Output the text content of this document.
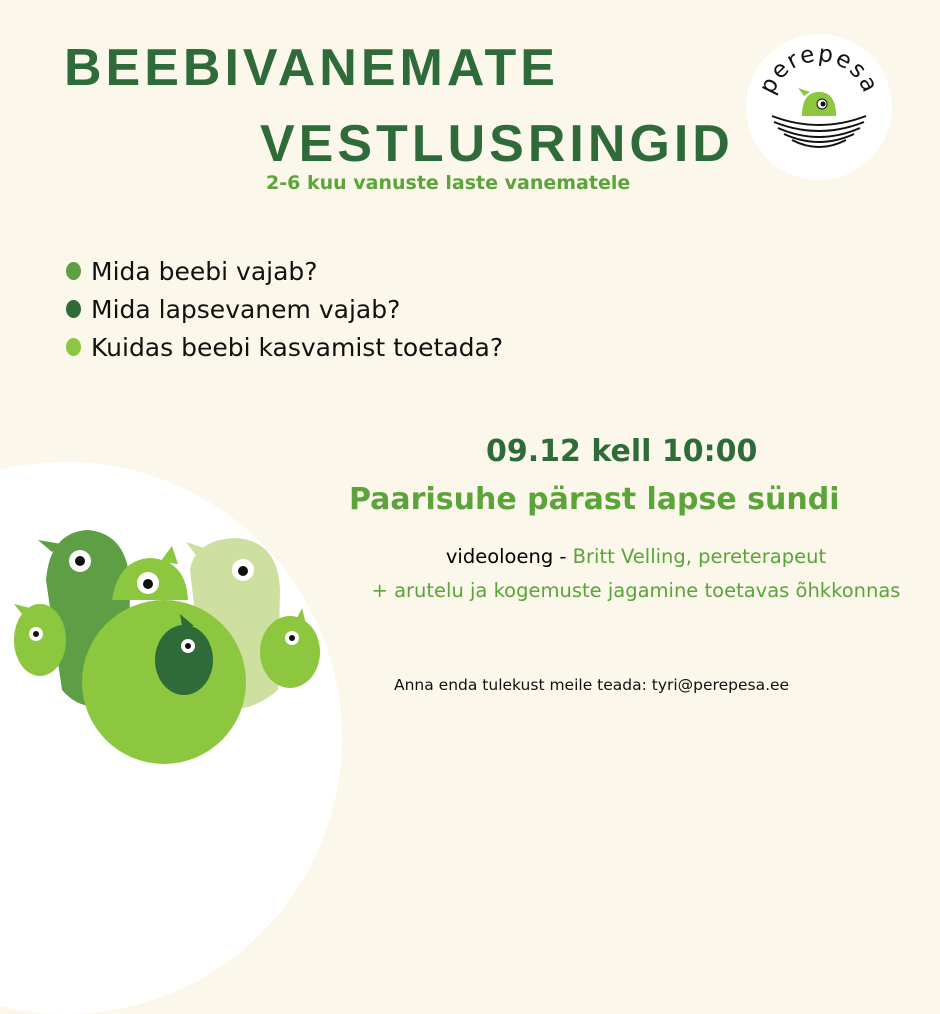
BEEBIVANEMATE
VESTLUSRINGID
2-6 kuu vanuste laste vanematele
Mida beebi vajab?
Mida lapsevanem vajab?
Kuidas beebi kasvamist toetada?
09.12 kell 10:00
Paarisuhe pärast lapse sündi
videoloeng - Britt Velling, pereterapeut
+ arutelu ja kogemuste jagamine toetavas õhkkonnas
Anna enda tulekust meile teada: tyri@perepesa.ee
perepesa
